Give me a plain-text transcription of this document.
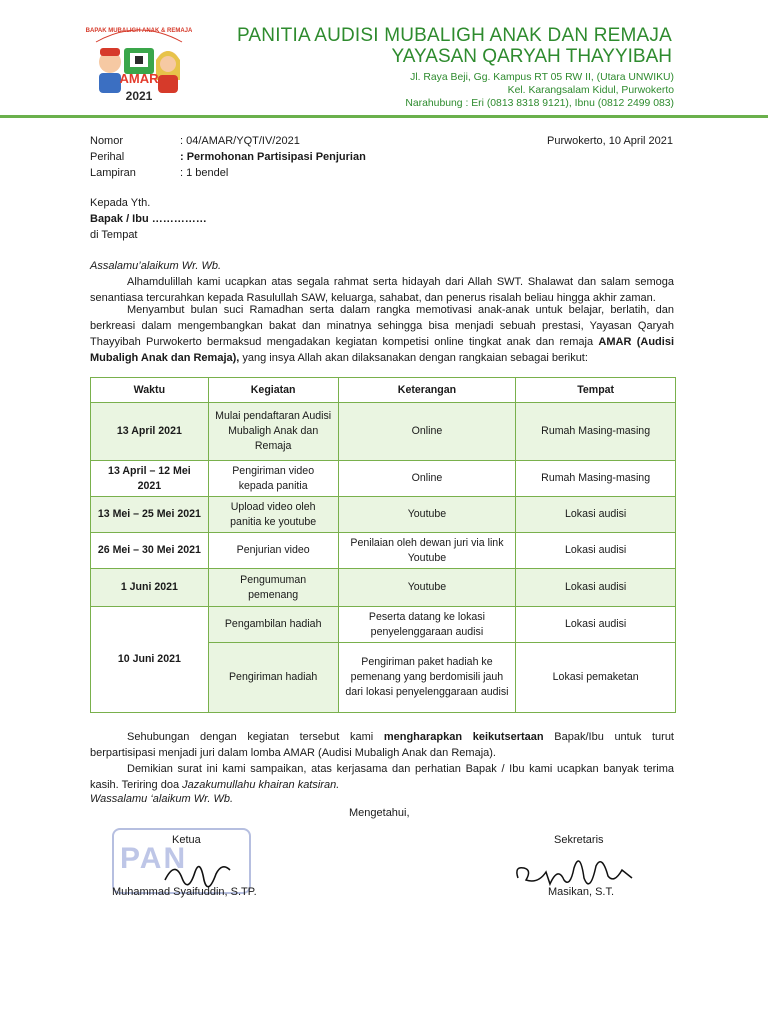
BAPAK MUBALIGH ANAK & REMAJA
AMAR
2021
PANITIA AUDISI MUBALIGH ANAK DAN REMAJA
YAYASAN QARYAH THAYYIBAH
Jl. Raya Beji, Gg. Kampus RT 05 RW II, (Utara UNWIKU)
Kel. Karangsalam Kidul, Purwokerto
Narahubung : Eri (0813 8318 9121), Ibnu (0812 2499 083)
Nomor	: 04/AMAR/YQT/IV/2021	Purwokerto, 10 April 2021
Perihal	: Permohonan Partisipasi Penjurian
Lampiran	: 1 bendel
Kepada Yth.
Bapak / Ibu ……………
di Tempat
Assalamu’alaikum Wr. Wb.
Alhamdulillah kami ucapkan atas segala rahmat serta hidayah dari Allah SWT. Shalawat dan salam semoga senantiasa tercurahkan kepada Rasulullah SAW, keluarga, sahabat, dan penerus risalah beliau hingga akhir zaman.
Menyambut bulan suci Ramadhan serta dalam rangka memotivasi anak-anak untuk belajar, berlatih, dan berkreasi dalam mengembangkan bakat dan minatnya sehingga bisa menjadi sebuah prestasi, Yayasan Qaryah Thayyibah Purwokerto bermaksud mengadakan kegiatan kompetisi online tingkat anak dan remaja AMAR (Audisi Mubaligh Anak dan Remaja), yang insya Allah akan dilaksanakan dengan rangkaian sebagai berikut:
Waktu	Kegiatan	Keterangan	Tempat
13 April 2021	Mulai pendaftaran Audisi Mubaligh Anak dan Remaja	Online	Rumah Masing-masing
13 April – 12 Mei 2021	Pengiriman video kepada panitia	Online	Rumah Masing-masing
13 Mei – 25 Mei 2021	Upload video oleh panitia ke youtube	Youtube	Lokasi audisi
26 Mei – 30 Mei 2021	Penjurian video	Penilaian oleh dewan juri via link Youtube	Lokasi audisi
1 Juni 2021	Pengumuman pemenang	Youtube	Lokasi audisi
10 Juni 2021	Pengambilan hadiah	Peserta datang ke lokasi penyelenggaraan audisi	Lokasi audisi
	Pengiriman hadiah	Pengiriman paket hadiah ke pemenang yang berdomisili jauh dari lokasi penyelenggaraan audisi	Lokasi pemaketan
Sehubungan dengan kegiatan tersebut kami mengharapkan keikutsertaan Bapak/Ibu untuk turut berpartisipasi menjadi juri dalam lomba AMAR (Audisi Mubaligh Anak dan Remaja).
Demikian surat ini kami sampaikan, atas kerjasama dan perhatian Bapak / Ibu kami ucapkan banyak terima kasih. Teriring doa Jazakumullahu khairan katsiran.
Wassalamu ‘alaikum Wr. Wb.
Mengetahui,
PAN
Ketua
Muhammad Syaifuddin, S.TP.
Sekretaris
Masikan, S.T.
